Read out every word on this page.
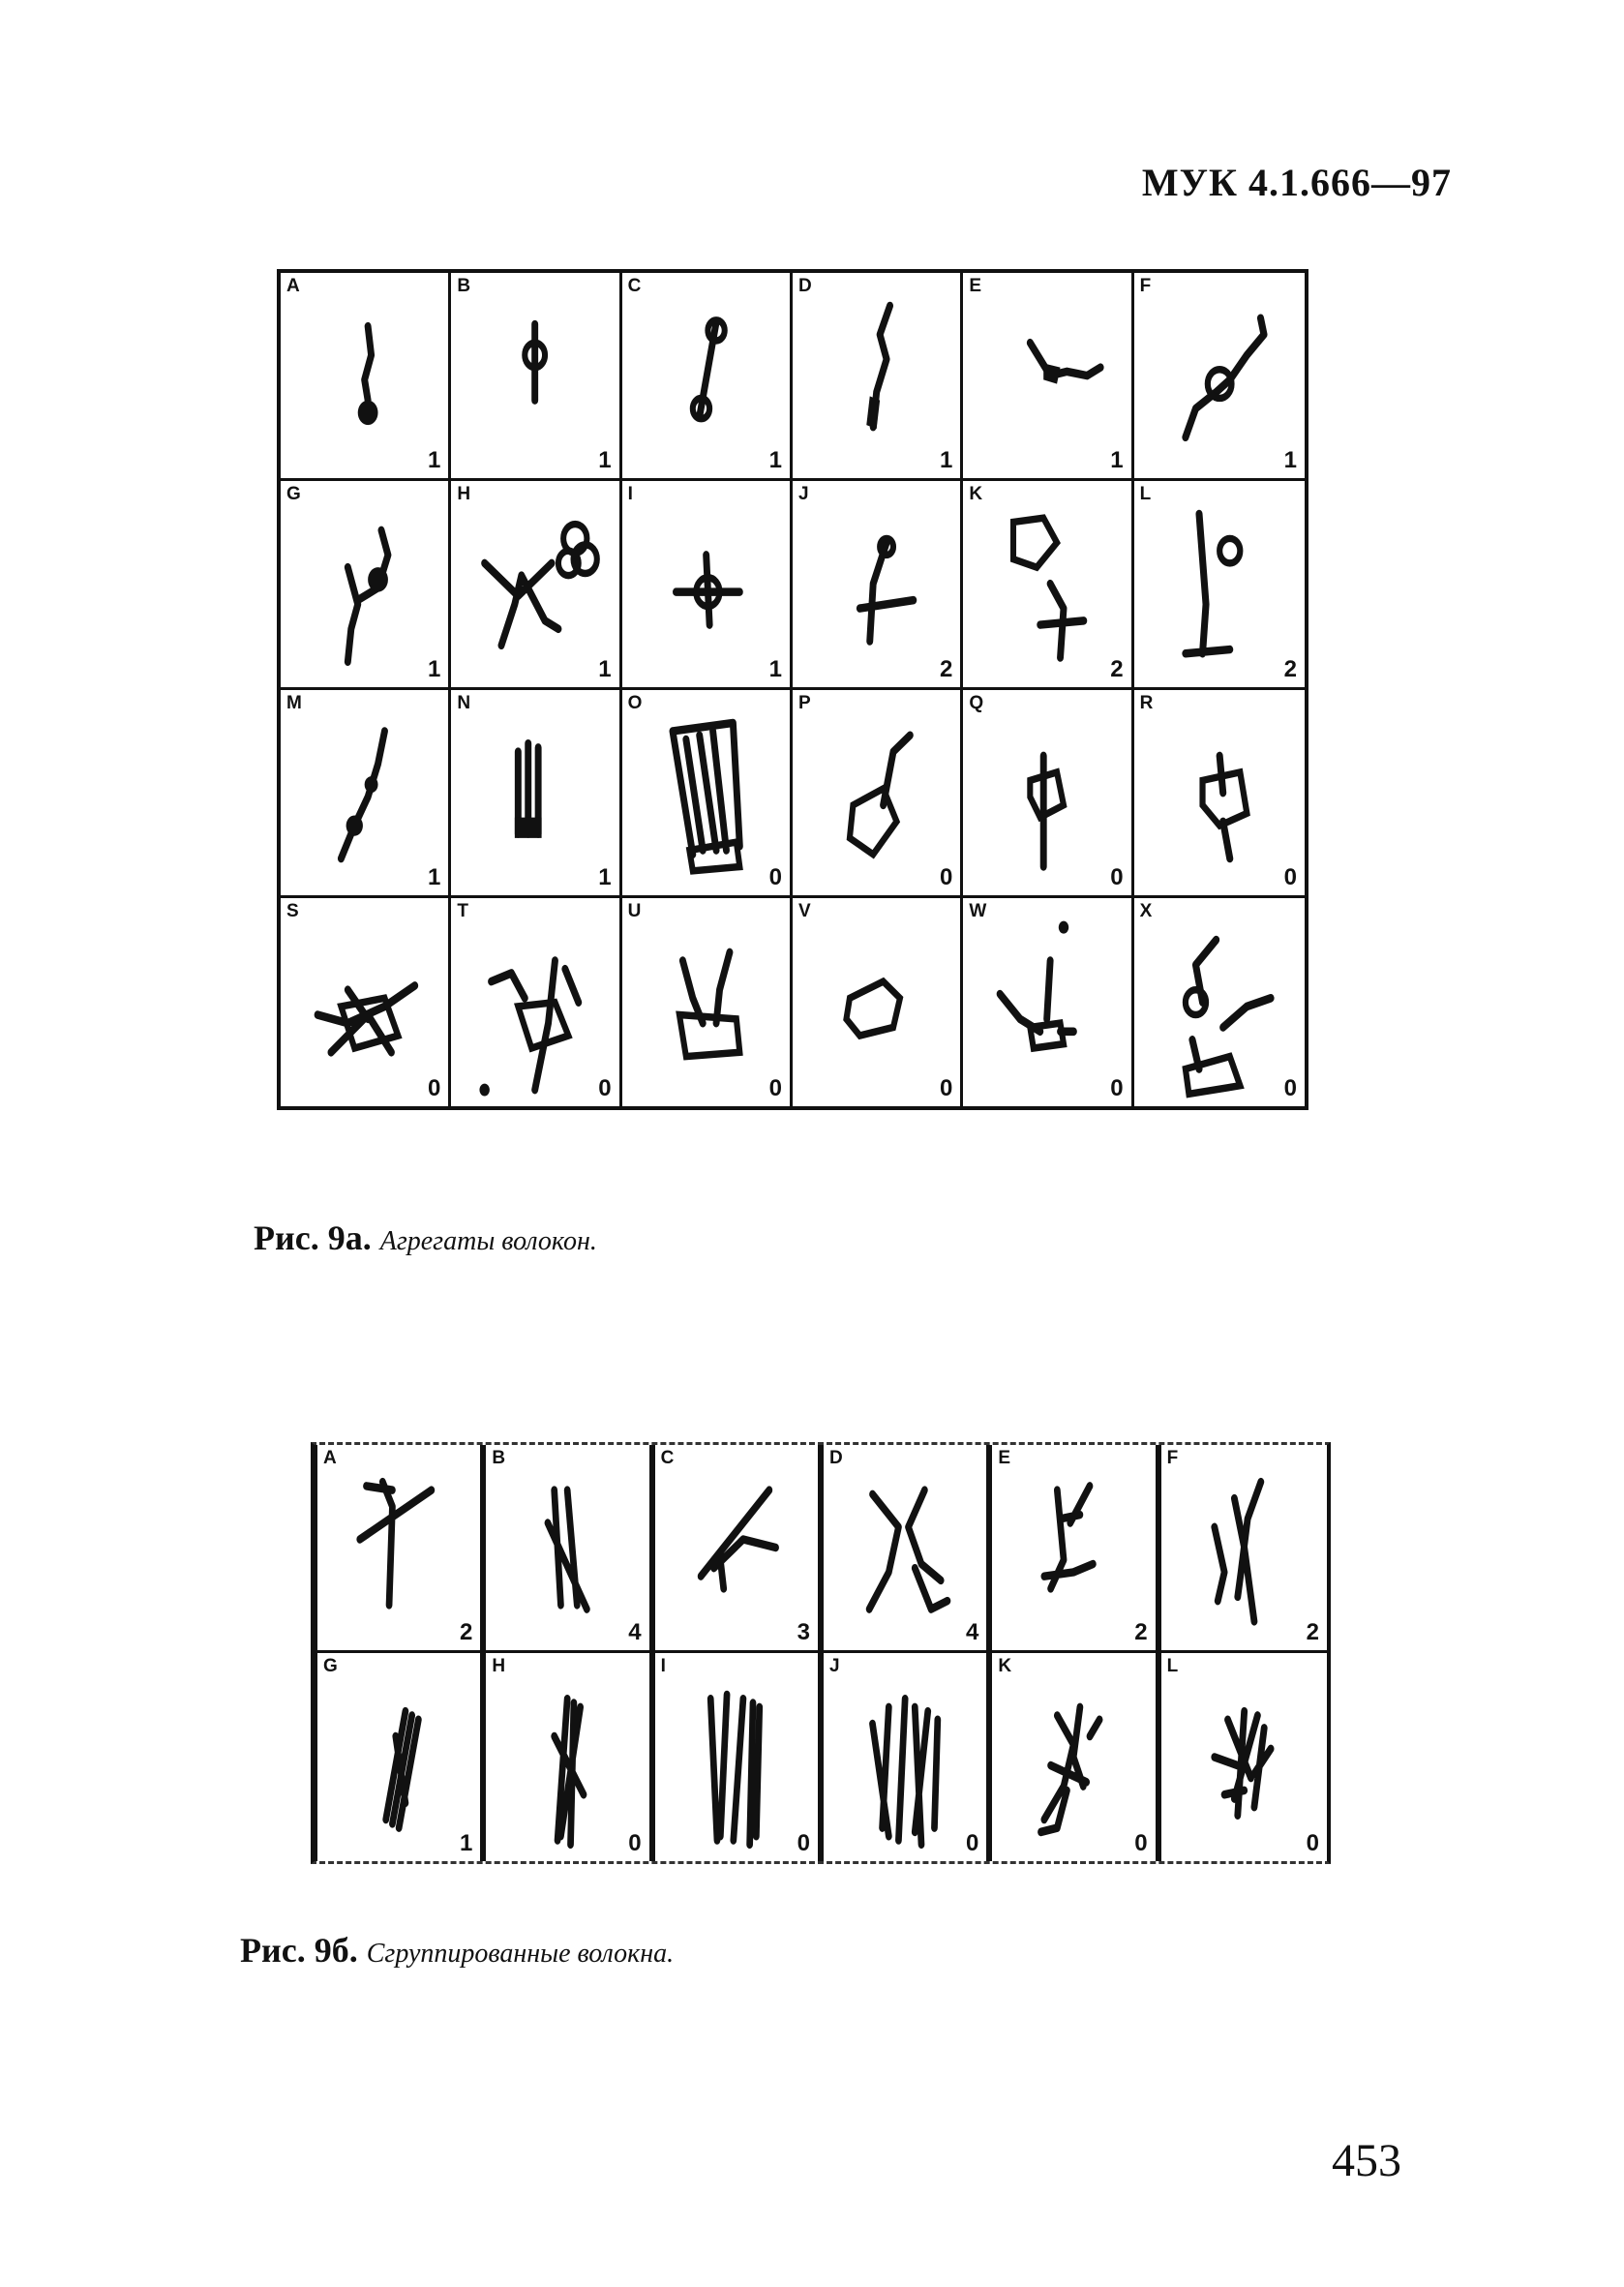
МУК 4.1.666—97
A
1
B
1
C
1
D
1
E
1
F
1
G
1
H
1
I
1
J
2
K
2
L
2
M
1
N
1
O
0
P
0
Q
0
R
0
S
0
T
0
U
0
V
0
W
0
X
0
Рис. 9а. Агрегаты волокон.
A
2
B
4
C
3
D
4
E
2
F
2
G
1
H
0
I
0
J
0
K
0
L
0
Рис. 9б. Сгруппированные волокна.
453
